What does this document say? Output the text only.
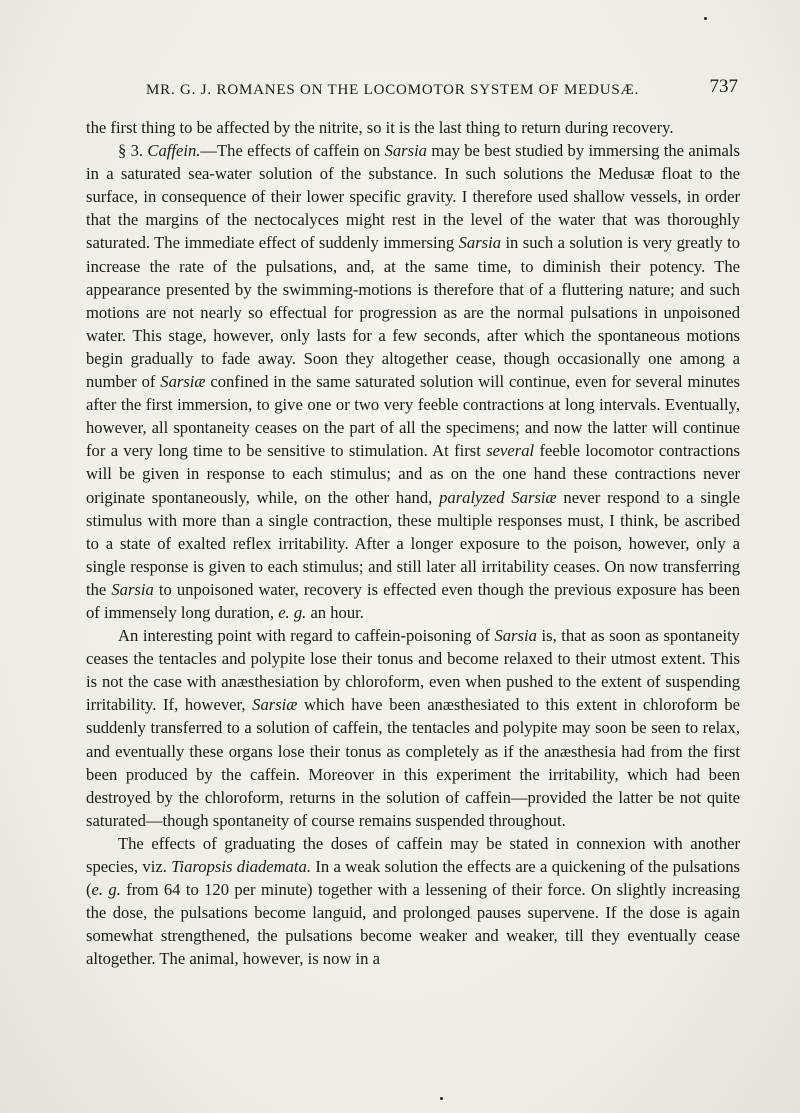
MR. G. J. ROMANES ON THE LOCOMOTOR SYSTEM OF MEDUSÆ.	737

the first thing to be affected by the nitrite, so it is the last thing to return during recovery.

§ 3. Caffein.—The effects of caffein on Sarsia may be best studied by immersing the animals in a saturated sea-water solution of the substance. In such solutions the Medusæ float to the surface, in consequence of their lower specific gravity. I therefore used shallow vessels, in order that the margins of the nectocalyces might rest in the level of the water that was thoroughly saturated. The immediate effect of suddenly immersing Sarsia in such a solution is very greatly to increase the rate of the pulsations, and, at the same time, to diminish their potency. The appearance presented by the swimming-motions is therefore that of a fluttering nature; and such motions are not nearly so effectual for progression as are the normal pulsations in unpoisoned water. This stage, however, only lasts for a few seconds, after which the spontaneous motions begin gradually to fade away. Soon they altogether cease, though occasionally one among a number of Sarsiæ confined in the same saturated solution will continue, even for several minutes after the first immersion, to give one or two very feeble contractions at long intervals. Eventually, however, all spontaneity ceases on the part of all the specimens; and now the latter will continue for a very long time to be sensitive to stimulation. At first several feeble locomotor contractions will be given in response to each stimulus; and as on the one hand these contractions never originate spontaneously, while, on the other hand, paralyzed Sarsiæ never respond to a single stimulus with more than a single contraction, these multiple responses must, I think, be ascribed to a state of exalted reflex irritability. After a longer exposure to the poison, however, only a single response is given to each stimulus; and still later all irritability ceases. On now transferring the Sarsia to unpoisoned water, recovery is effected even though the previous exposure has been of immensely long duration, e. g. an hour.

An interesting point with regard to caffein-poisoning of Sarsia is, that as soon as spontaneity ceases the tentacles and polypite lose their tonus and become relaxed to their utmost extent. This is not the case with anæsthesiation by chloroform, even when pushed to the extent of suspending irritability. If, however, Sarsiæ which have been anæsthesiated to this extent in chloroform be suddenly transferred to a solution of caffein, the tentacles and polypite may soon be seen to relax, and eventually these organs lose their tonus as completely as if the anæsthesia had from the first been produced by the caffein. Moreover in this experiment the irritability, which had been destroyed by the chloroform, returns in the solution of caffein—provided the latter be not quite saturated—though spontaneity of course remains suspended throughout.

The effects of graduating the doses of caffein may be stated in connexion with another species, viz. Tiaropsis diademata. In a weak solution the effects are a quickening of the pulsations (e. g. from 64 to 120 per minute) together with a lessening of their force. On slightly increasing the dose, the pulsations become languid, and prolonged pauses supervene. If the dose is again somewhat strengthened, the pulsations become weaker and weaker, till they eventually cease altogether. The animal, however, is now in a
